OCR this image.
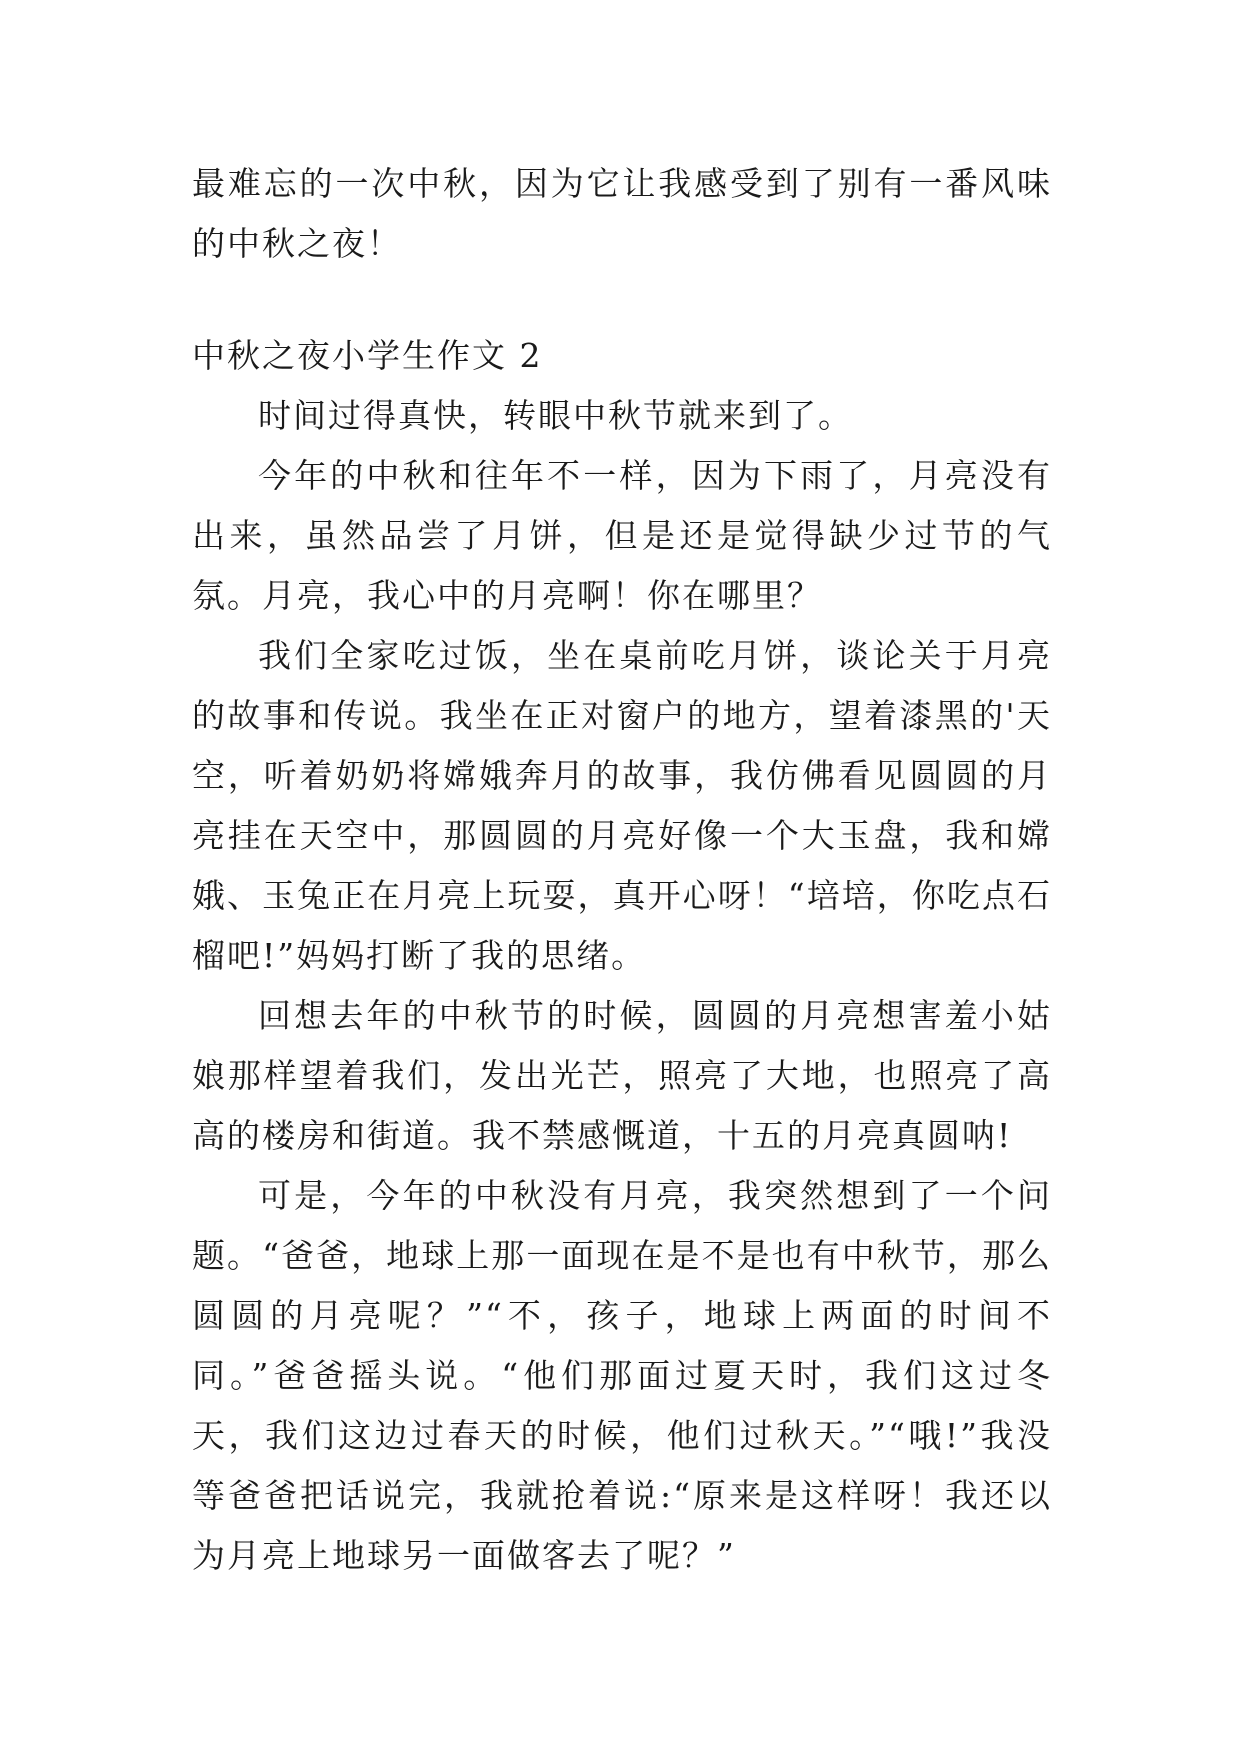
最难忘的一次中秋，因为它让我感受到了别有一番风味的中秋之夜！

中秋之夜小学生作文 2

时间过得真快，转眼中秋节就来到了。

今年的中秋和往年不一样，因为下雨了，月亮没有出来，虽然品尝了月饼，但是还是觉得缺少过节的气氛。月亮，我心中的月亮啊！你在哪里？

我们全家吃过饭，坐在桌前吃月饼，谈论关于月亮的故事和传说。我坐在正对窗户的地方，望着漆黑的'天空，听着奶奶将嫦娥奔月的故事，我仿佛看见圆圆的月亮挂在天空中，那圆圆的月亮好像一个大玉盘，我和嫦娥、玉兔正在月亮上玩耍，真开心呀！“培培，你吃点石榴吧!”妈妈打断了我的思绪。

回想去年的中秋节的时候，圆圆的月亮想害羞小姑娘那样望着我们，发出光芒，照亮了大地，也照亮了高高的楼房和街道。我不禁感慨道，十五的月亮真圆呐!

可是，今年的中秋没有月亮，我突然想到了一个问题。“爸爸，地球上那一面现在是不是也有中秋节，那么圆圆的月亮呢？”“不，孩子，地球上两面的时间不同。”爸爸摇头说。“他们那面过夏天时，我们这过冬天，我们这边过春天的时候，他们过秋天。”“哦!”我没等爸爸把话说完，我就抢着说:“原来是这样呀！我还以为月亮上地球另一面做客去了呢？”
